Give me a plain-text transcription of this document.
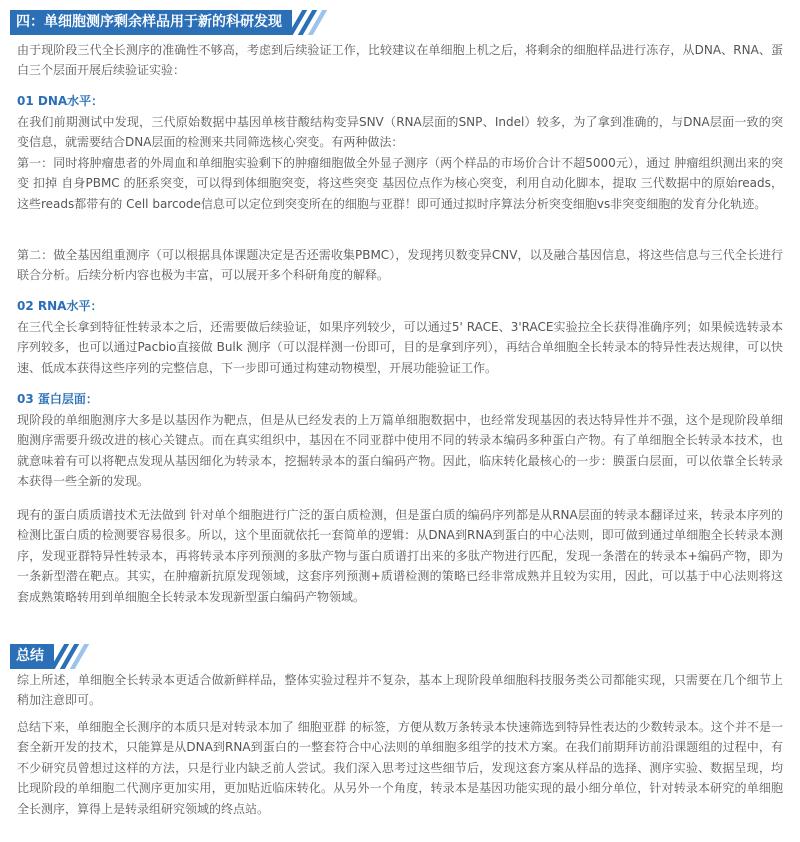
四：单细胞测序剩余样品用于新的科研发现
由于现阶段三代全长测序的准确性不够高，考虑到后续验证工作，比较建议在单细胞上机之后，将剩余的细胞样品进行冻存，从DNA、RNA、蛋白三个层面开展后续验证实验：
01 DNA水平：
在我们前期测试中发现，三代原始数据中基因单核苷酸结构变异SNV（RNA层面的SNP、Indel）较多，为了拿到准确的，与DNA层面一致的突变信息，就需要结合DNA层面的检测来共同筛选核心突变。有两种做法：
第一：同时将肿瘤患者的外周血和单细胞实验剩下的肿瘤细胞做全外显子测序（两个样品的市场价合计不超5000元），通过 肿瘤组织测出来的突变 扣掉 自身PBMC 的胚系突变，可以得到体细胞突变，将这些突变 基因位点作为核心突变，利用自动化脚本，提取 三代数据中的原始reads，这些reads都带有的 Cell barcode信息可以定位到突变所在的细胞与亚群！即可通过拟时序算法分析突变细胞vs非突变细胞的发育分化轨迹。
第二：做全基因组重测序（可以根据具体课题决定是否还需收集PBMC），发现拷贝数变异CNV，以及融合基因信息，将这些信息与三代全长进行联合分析。后续分析内容也极为丰富，可以展开多个科研角度的解释。
02 RNA水平：
在三代全长拿到特征性转录本之后，还需要做后续验证，如果序列较少，可以通过5' RACE、3'RACE实验拉全长获得准确序列；如果候选转录本序列较多，也可以通过Pacbio直接做 Bulk 测序（可以混样测一份即可，目的是拿到序列），再结合单细胞全长转录本的特异性表达规律，可以快速、低成本获得这些序列的完整信息，下一步即可通过构建动物模型，开展功能验证工作。
03 蛋白层面：
现阶段的单细胞测序大多是以基因作为靶点，但是从已经发表的上万篇单细胞数据中，也经常发现基因的表达特异性并不强，这个是现阶段单细胞测序需要升级改进的核心关键点。而在真实组织中，基因在不同亚群中使用不同的转录本编码多种蛋白产物。有了单细胞全长转录本技术，也就意味着有可以将靶点发现从基因细化为转录本，挖掘转录本的蛋白编码产物。因此，临床转化最核心的一步：膜蛋白层面，可以依靠全长转录本获得一些全新的发现。
现有的蛋白质质谱技术无法做到 针对单个细胞进行广泛的蛋白质检测，但是蛋白质的编码序列都是从RNA层面的转录本翻译过来，转录本序列的检测比蛋白质的检测要容易很多。所以，这个里面就依托一套简单的逻辑：从DNA到RNA到蛋白的中心法则，即可做到通过单细胞全长转录本测序，发现亚群特异性转录本，再将转录本序列预测的多肽产物与蛋白质谱打出来的多肽产物进行匹配，发现一条潜在的转录本+编码产物，即为一条新型潜在靶点。其实，在肿瘤新抗原发现领域，这套序列预测+质谱检测的策略已经非常成熟并且较为实用，因此，可以基于中心法则将这套成熟策略转用到单细胞全长转录本发现新型蛋白编码产物领域。
总结
综上所述，单细胞全长转录本更适合做新鲜样品，整体实验过程并不复杂，基本上现阶段单细胞科技服务类公司都能实现，只需要在几个细节上稍加注意即可。
总结下来，单细胞全长测序的本质只是对转录本加了 细胞亚群 的标签，方便从数万条转录本快速筛选到特异性表达的少数转录本。这个并不是一套全新开发的技术，只能算是从DNA到RNA到蛋白的一整套符合中心法则的单细胞多组学的技术方案。在我们前期拜访前沿课题组的过程中，有不少研究员曾想过这样的方法，只是行业内缺乏前人尝试。我们深入思考过这些细节后，发现这套方案从样品的选择、测序实验、数据呈现，均比现阶段的单细胞二代测序更加实用，更加贴近临床转化。从另外一个角度，转录本是基因功能实现的最小细分单位，针对转录本研究的单细胞全长测序，算得上是转录组研究领域的终点站。
